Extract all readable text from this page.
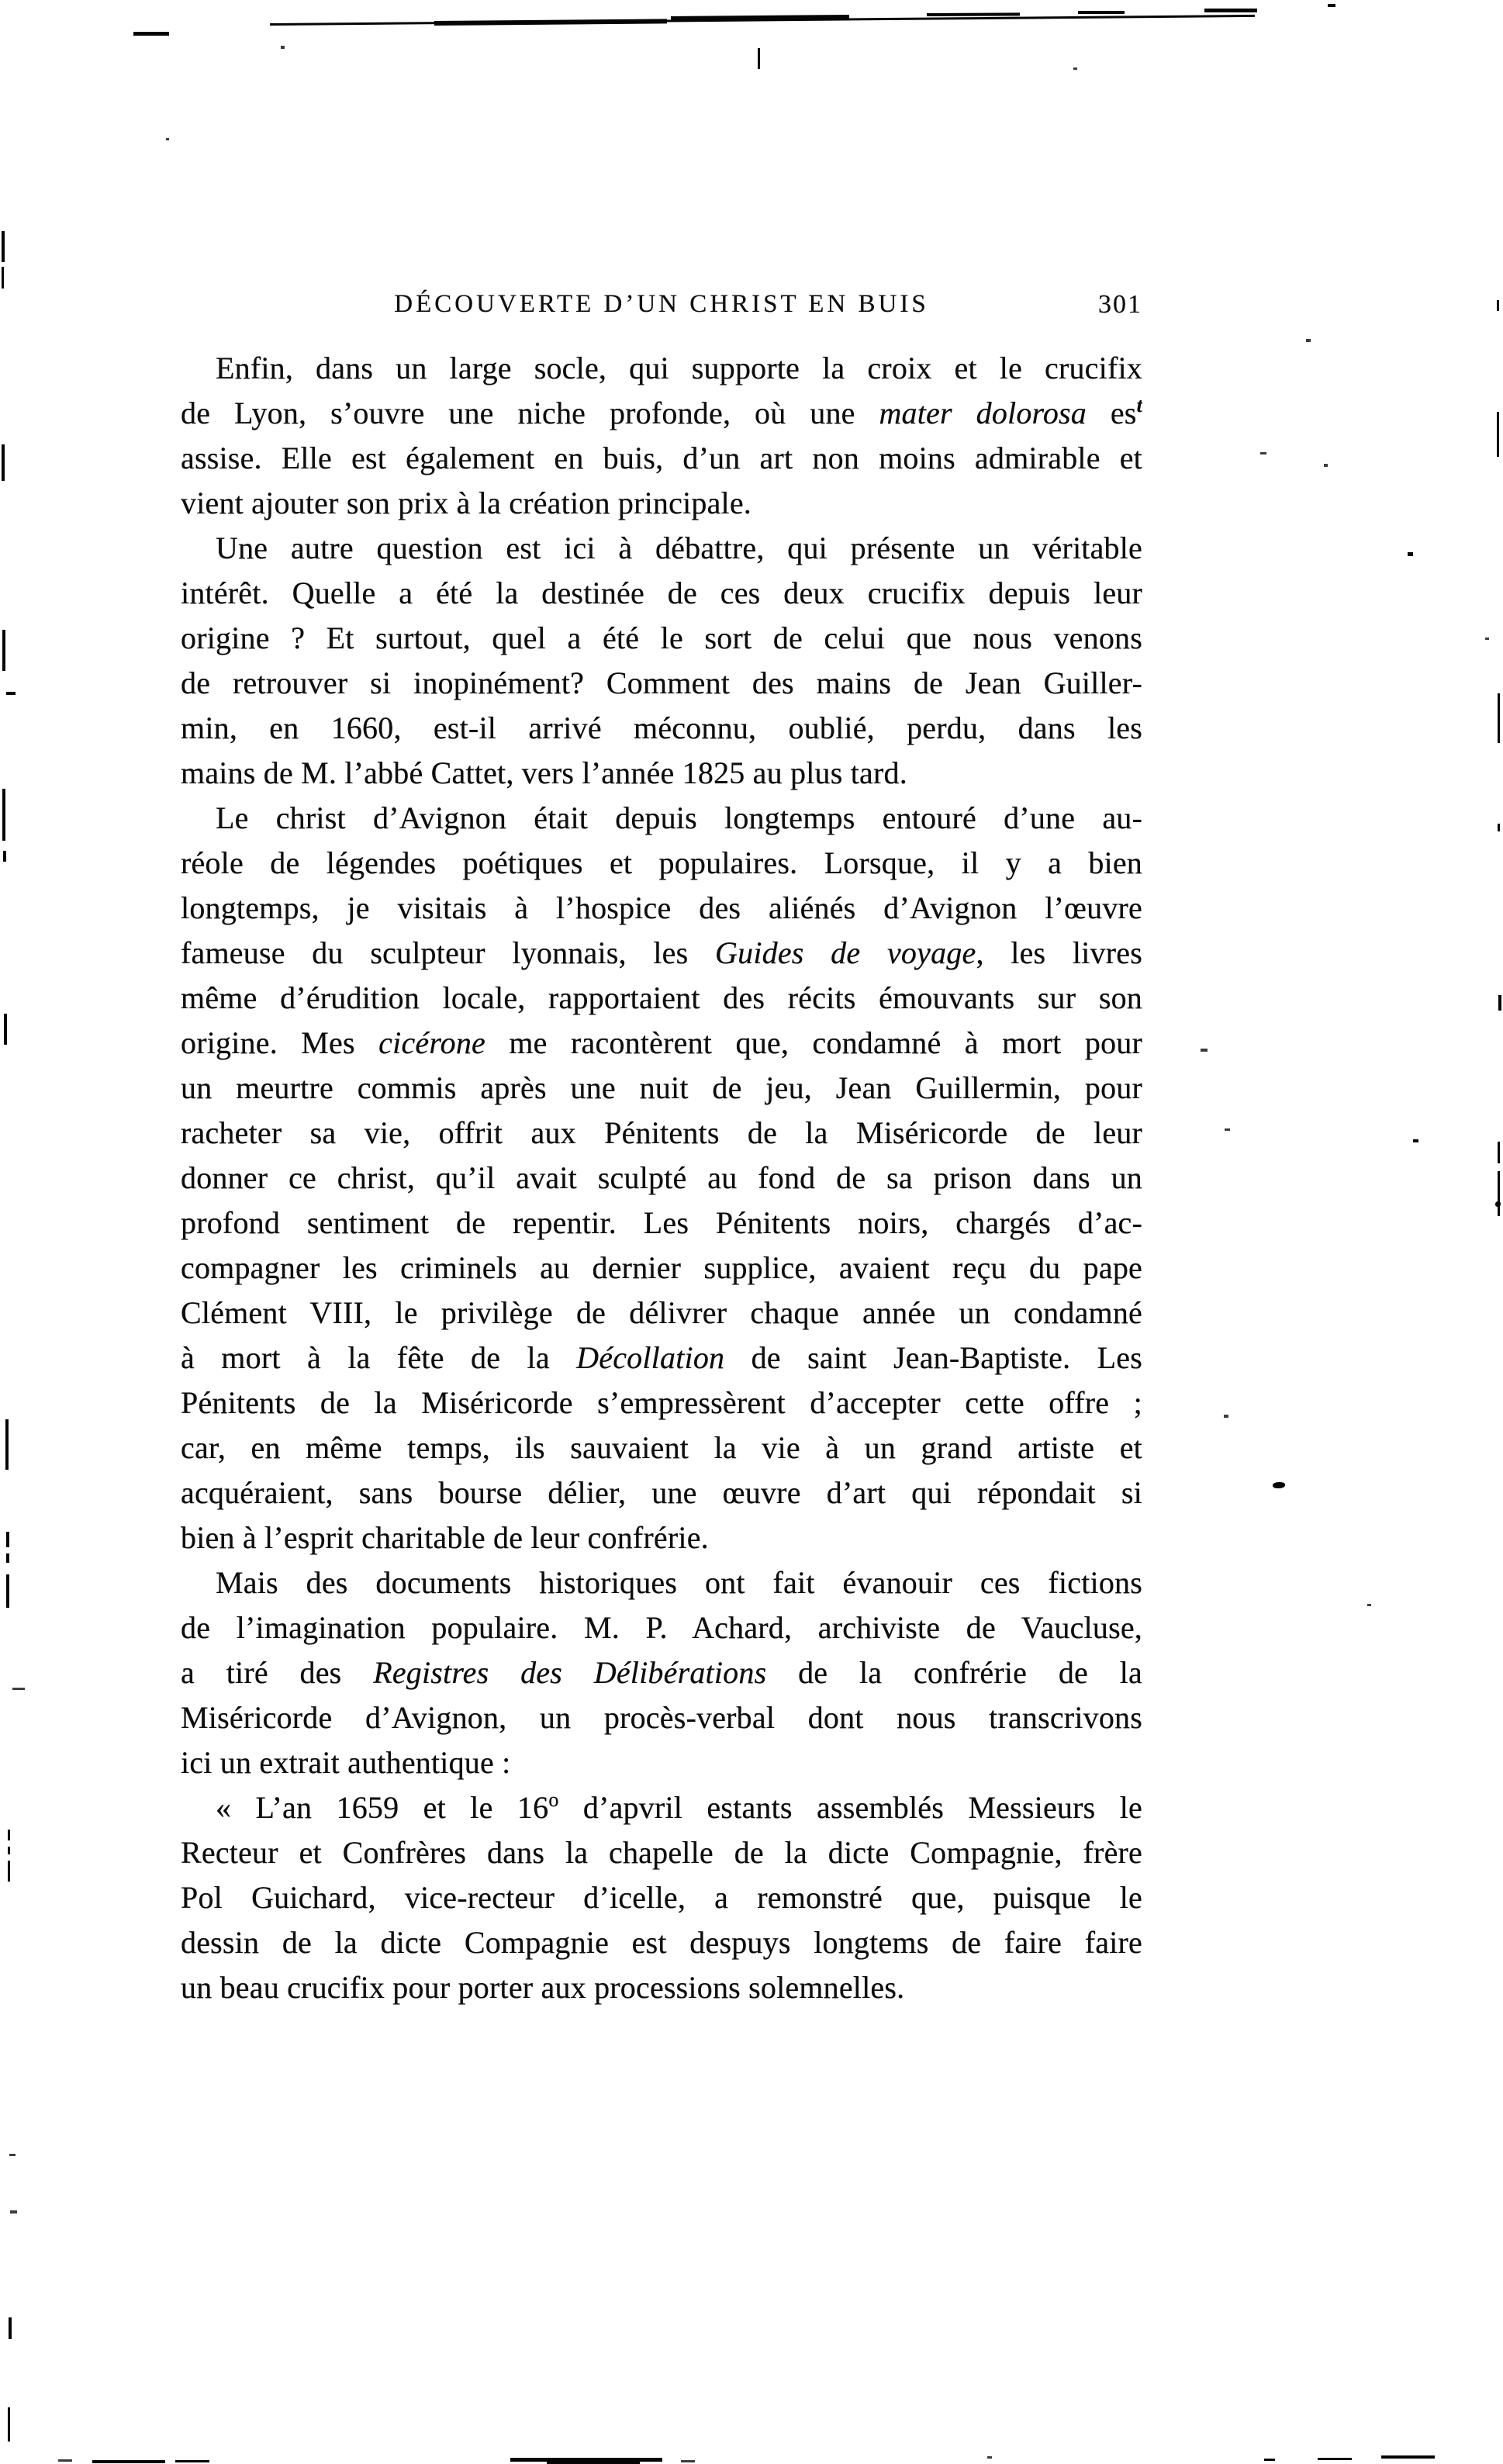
DÉCOUVERTE D’UN CHRIST EN BUIS	301
Enfin, dans un large socle, qui supporte la croix et le crucifix
de Lyon, s’ouvre une niche profonde, où une mater dolorosa est
assise. Elle est également en buis, d’un art non moins admirable et
vient ajouter son prix à la création principale.
Une autre question est ici à débattre, qui présente un véritable
intérêt. Quelle a été la destinée de ces deux crucifix depuis leur
origine ? Et surtout, quel a été le sort de celui que nous venons
de retrouver si inopinément? Comment des mains de Jean Guiller-
min, en 1660, est-il arrivé méconnu, oublié, perdu, dans les
mains de M. l’abbé Cattet, vers l’année 1825 au plus tard.
Le christ d’Avignon était depuis longtemps entouré d’une au-
réole de légendes poétiques et populaires. Lorsque, il y a bien
longtemps, je visitais à l’hospice des aliénés d’Avignon l’œuvre
fameuse du sculpteur lyonnais, les Guides de voyage, les livres
même d’érudition locale, rapportaient des récits émouvants sur son
origine. Mes cicérone me racontèrent que, condamné à mort pour
un meurtre commis après une nuit de jeu, Jean Guillermin, pour
racheter sa vie, offrit aux Pénitents de la Miséricorde de leur
donner ce christ, qu’il avait sculpté au fond de sa prison dans un
profond sentiment de repentir. Les Pénitents noirs, chargés d’ac-
compagner les criminels au dernier supplice, avaient reçu du pape
Clément VIII, le privilège de délivrer chaque année un condamné
à mort à la fête de la Décollation de saint Jean-Baptiste. Les
Pénitents de la Miséricorde s’empressèrent d’accepter cette offre ;
car, en même temps, ils sauvaient la vie à un grand artiste et
acquéraient, sans bourse délier, une œuvre d’art qui répondait si
bien à l’esprit charitable de leur confrérie.
Mais des documents historiques ont fait évanouir ces fictions
de l’imagination populaire. M. P. Achard, archiviste de Vaucluse,
a tiré des Registres des Délibérations de la confrérie de la
Miséricorde d’Avignon, un procès-verbal dont nous transcrivons
ici un extrait authentique :
« L’an 1659 et le 16o d’apvril estants assemblés Messieurs le
Recteur et Confrères dans la chapelle de la dicte Compagnie, frère
Pol Guichard, vice-recteur d’icelle, a remonstré que, puisque le
dessin de la dicte Compagnie est despuys longtems de faire faire
un beau crucifix pour porter aux processions solemnelles.
